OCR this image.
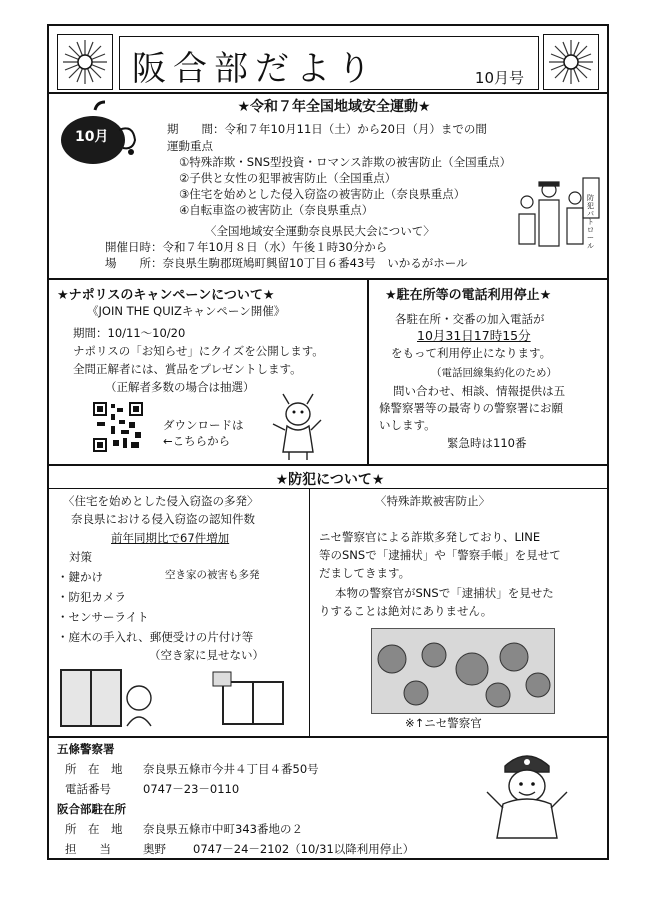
阪合部だより	10月号
10月
★令和７年全国地域安全運動★
期　　間：令和７年10月11日（土）から20日（月）までの間
運動重点
①特殊詐欺・SNS型投資・ロマンス詐欺の被害防止（全国重点）
②子供と女性の犯罪被害防止（全国重点）
③住宅を始めとした侵入窃盗の被害防止（奈良県重点）
④自転車盗の被害防止（奈良県重点）
〈全国地域安全運動奈良県民大会について〉
開催日時：令和７年10月８日（水）午後１時30分から
場　　所：奈良県生駒郡斑鳩町興留10丁目６番43号　いかるがホール
防犯パトロール
★ナポリスのキャンペーンについて★
《JOIN THE QUIZキャンペーン開催》
期間：10/11～10/20
ナポリスの「お知らせ」にクイズを公開します。
全問正解者には、賞品をプレゼントします。
（正解者多数の場合は抽選）
ダウンロードは
←こちらから
★駐在所等の電話利用停止★
各駐在所・交番の加入電話が
10月31日17時15分
をもって利用停止になります。
（電話回線集約化のため）
問い合わせ、相談、情報提供は五
條警察署等の最寄りの警察署にお願
いします。
緊急時は110番
★防犯について★
〈住宅を始めとした侵入窃盗の多発〉
奈良県における侵入窃盗の認知件数
前年同期比で67件増加
対策
空き家の被害も多発
・鍵かけ
・防犯カメラ
・センサーライト
・庭木の手入れ、郵便受けの片付け等
（空き家に見せない）
〈特殊詐欺被害防止〉
ニセ警察官による詐欺多発しており、LINE
等のSNSで「逮捕状」や「警察手帳」を見せて
だましてきます。
本物の警察官がSNSで「逮捕状」を見せた
りすることは絶対にありません。
※↑ニセ警察官
五條警察署
所　在　地 奈良県五條市今井４丁目４番50号
電話番号	0747－23－0110
阪合部駐在所
所　在　地 奈良県五條市中町343番地の２
担　　当	奥野 0747－24－2102（10/31以降利用停止）
